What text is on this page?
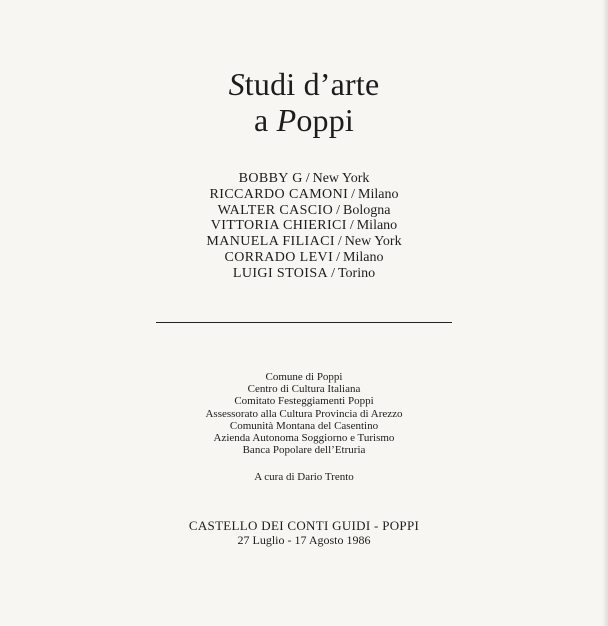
Studi d’arte
a Poppi
BOBBY G / New York
RICCARDO CAMONI / Milano
WALTER CASCIO / Bologna
VITTORIA CHIERICI / Milano
MANUELA FILIACI / New York
CORRADO LEVI / Milano
LUIGI STOISA / Torino
Comune di Poppi
Centro di Cultura Italiana
Comitato Festeggiamenti Poppi
Assessorato alla Cultura Provincia di Arezzo
Comunità Montana del Casentino
Azienda Autonoma Soggiorno e Turismo
Banca Popolare dell’Etruria
A cura di Dario Trento
CASTELLO DEI CONTI GUIDI - POPPI
27 Luglio - 17 Agosto 1986
